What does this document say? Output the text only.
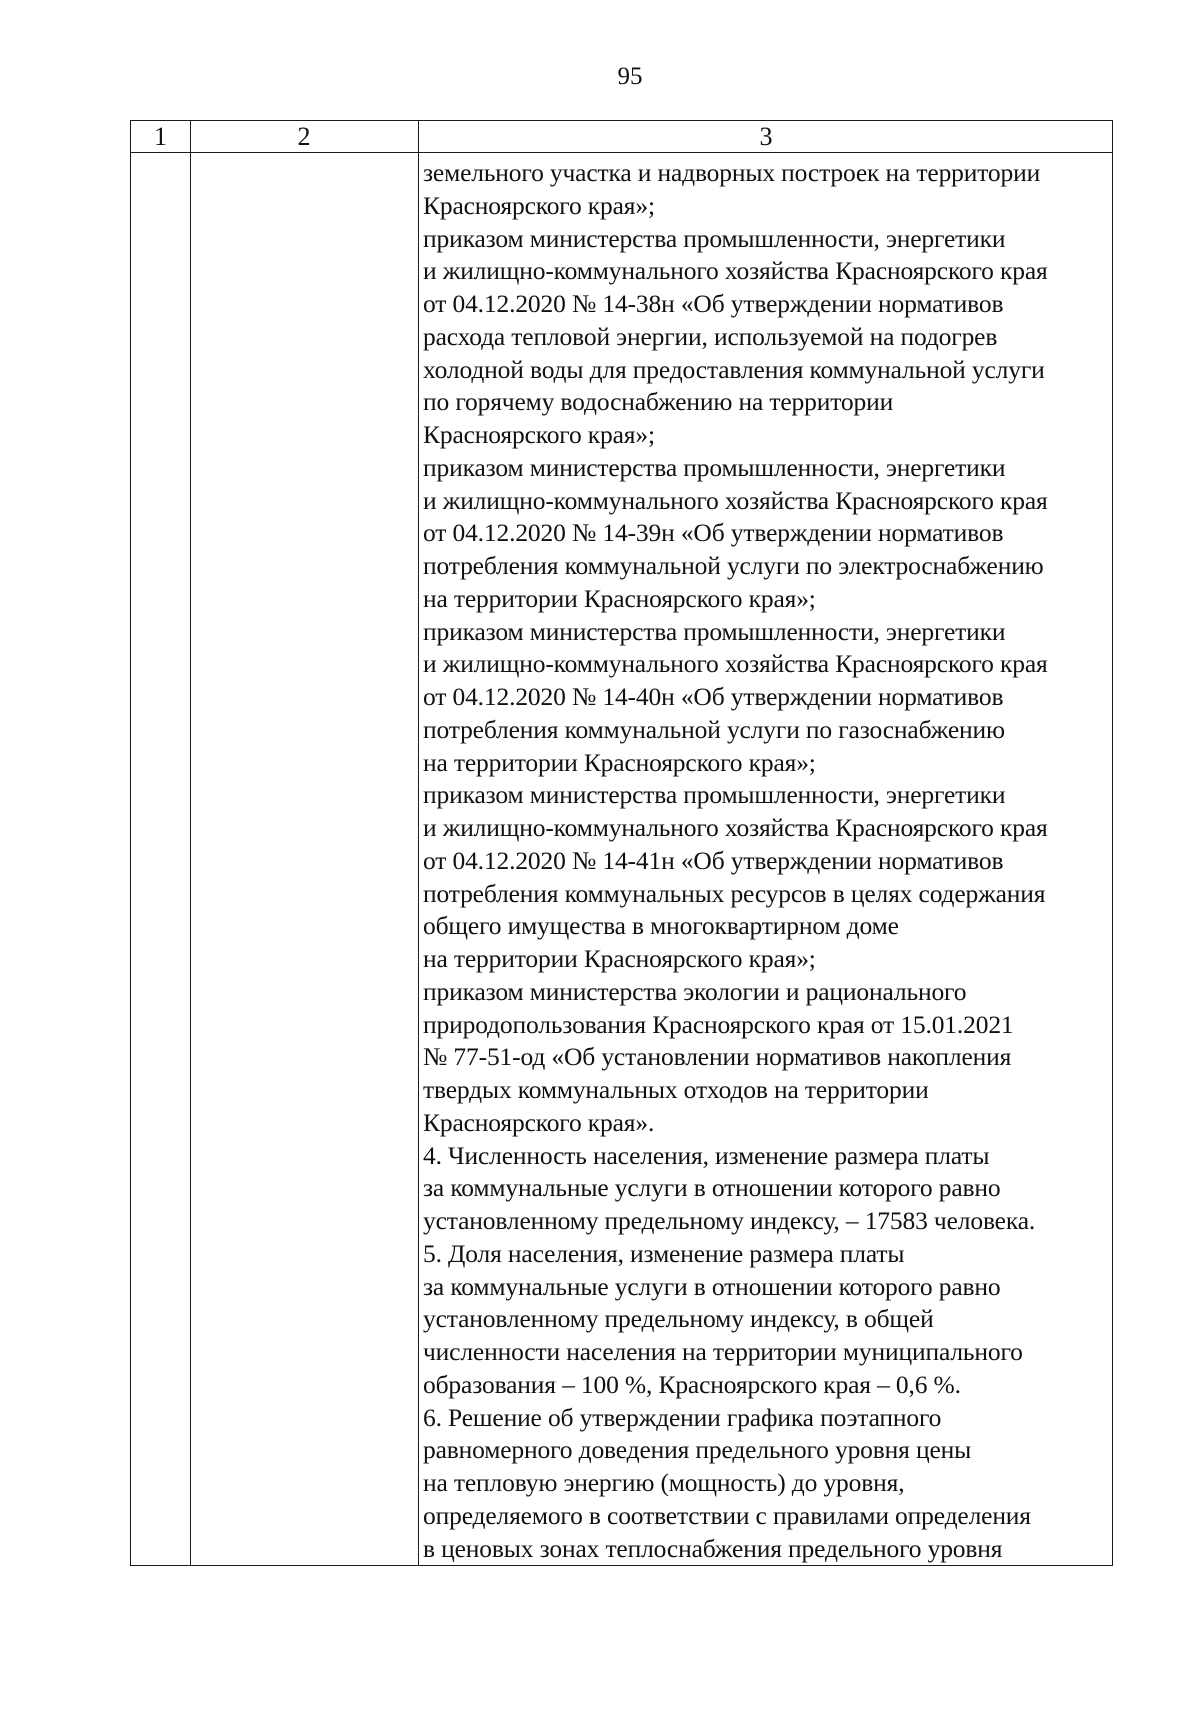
95
1	2	3
земельного участка и надворных построек на территории
Красноярского края»;
приказом министерства промышленности, энергетики
и жилищно-коммунального хозяйства Красноярского края
от 04.12.2020 № 14-38н «Об утверждении нормативов
расхода тепловой энергии, используемой на подогрев
холодной воды для предоставления коммунальной услуги
по горячему водоснабжению на территории
Красноярского края»;
приказом министерства промышленности, энергетики
и жилищно-коммунального хозяйства Красноярского края
от 04.12.2020 № 14-39н «Об утверждении нормативов
потребления коммунальной услуги по электроснабжению
на территории Красноярского края»;
приказом министерства промышленности, энергетики
и жилищно-коммунального хозяйства Красноярского края
от 04.12.2020 № 14-40н «Об утверждении нормативов
потребления коммунальной услуги по газоснабжению
на территории Красноярского края»;
приказом министерства промышленности, энергетики
и жилищно-коммунального хозяйства Красноярского края
от 04.12.2020 № 14-41н «Об утверждении нормативов
потребления коммунальных ресурсов в целях содержания
общего имущества в многоквартирном доме
на территории Красноярского края»;
приказом министерства экологии и рационального
природопользования Красноярского края от 15.01.2021
№ 77-51-од «Об установлении нормативов накопления
твердых коммунальных отходов на территории
Красноярского края».
4. Численность населения, изменение размера платы
за коммунальные услуги в отношении которого равно
установленному предельному индексу, – 17583 человека.
5. Доля населения, изменение размера платы
за коммунальные услуги в отношении которого равно
установленному предельному индексу, в общей
численности населения на территории муниципального
образования – 100 %, Красноярского края – 0,6 %.
6. Решение об утверждении графика поэтапного
равномерного доведения предельного уровня цены
на тепловую энергию (мощность) до уровня,
определяемого в соответствии с правилами определения
в ценовых зонах теплоснабжения предельного уровня
